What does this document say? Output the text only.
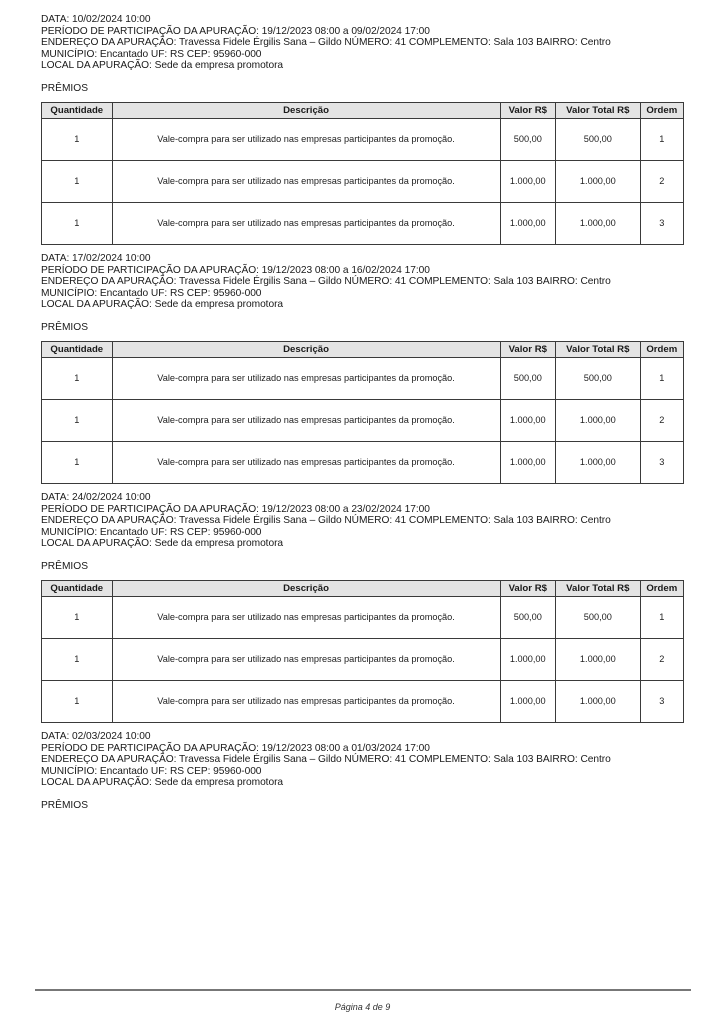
DATA: 10/02/2024 10:00
PERÍODO DE PARTICIPAÇÃO DA APURAÇÃO: 19/12/2023 08:00 a 09/02/2024 17:00
ENDEREÇO DA APURAÇÃO: Travessa Fidele Érgilis Sana – Gildo NÚMERO: 41 COMPLEMENTO: Sala 103 BAIRRO: Centro
MUNICÍPIO: Encantado UF: RS CEP: 95960-000
LOCAL DA APURAÇÃO: Sede da empresa promotora
PRÊMIOS
Quantidade	Descrição	Valor R$	Valor Total R$	Ordem
1	Vale-compra para ser utilizado nas empresas participantes da promoção.	500,00	500,00	1
1	Vale-compra para ser utilizado nas empresas participantes da promoção.	1.000,00	1.000,00	2
1	Vale-compra para ser utilizado nas empresas participantes da promoção.	1.000,00	1.000,00	3
DATA: 17/02/2024 10:00
PERÍODO DE PARTICIPAÇÃO DA APURAÇÃO: 19/12/2023 08:00 a 16/02/2024 17:00
ENDEREÇO DA APURAÇÃO: Travessa Fidele Érgilis Sana – Gildo NÚMERO: 41 COMPLEMENTO: Sala 103 BAIRRO: Centro
MUNICÍPIO: Encantado UF: RS CEP: 95960-000
LOCAL DA APURAÇÃO: Sede da empresa promotora
PRÊMIOS
Quantidade	Descrição	Valor R$	Valor Total R$	Ordem
1	Vale-compra para ser utilizado nas empresas participantes da promoção.	500,00	500,00	1
1	Vale-compra para ser utilizado nas empresas participantes da promoção.	1.000,00	1.000,00	2
1	Vale-compra para ser utilizado nas empresas participantes da promoção.	1.000,00	1.000,00	3
DATA: 24/02/2024 10:00
PERÍODO DE PARTICIPAÇÃO DA APURAÇÃO: 19/12/2023 08:00 a 23/02/2024 17:00
ENDEREÇO DA APURAÇÃO: Travessa Fidele Érgilis Sana – Gildo NÚMERO: 41 COMPLEMENTO: Sala 103 BAIRRO: Centro
MUNICÍPIO: Encantado UF: RS CEP: 95960-000
LOCAL DA APURAÇÃO: Sede da empresa promotora
PRÊMIOS
Quantidade	Descrição	Valor R$	Valor Total R$	Ordem
1	Vale-compra para ser utilizado nas empresas participantes da promoção.	500,00	500,00	1
1	Vale-compra para ser utilizado nas empresas participantes da promoção.	1.000,00	1.000,00	2
1	Vale-compra para ser utilizado nas empresas participantes da promoção.	1.000,00	1.000,00	3
DATA: 02/03/2024 10:00
PERÍODO DE PARTICIPAÇÃO DA APURAÇÃO: 19/12/2023 08:00 a 01/03/2024 17:00
ENDEREÇO DA APURAÇÃO: Travessa Fidele Érgilis Sana – Gildo NÚMERO: 41 COMPLEMENTO: Sala 103 BAIRRO: Centro
MUNICÍPIO: Encantado UF: RS CEP: 95960-000
LOCAL DA APURAÇÃO: Sede da empresa promotora
PRÊMIOS
Página 4 de 9
